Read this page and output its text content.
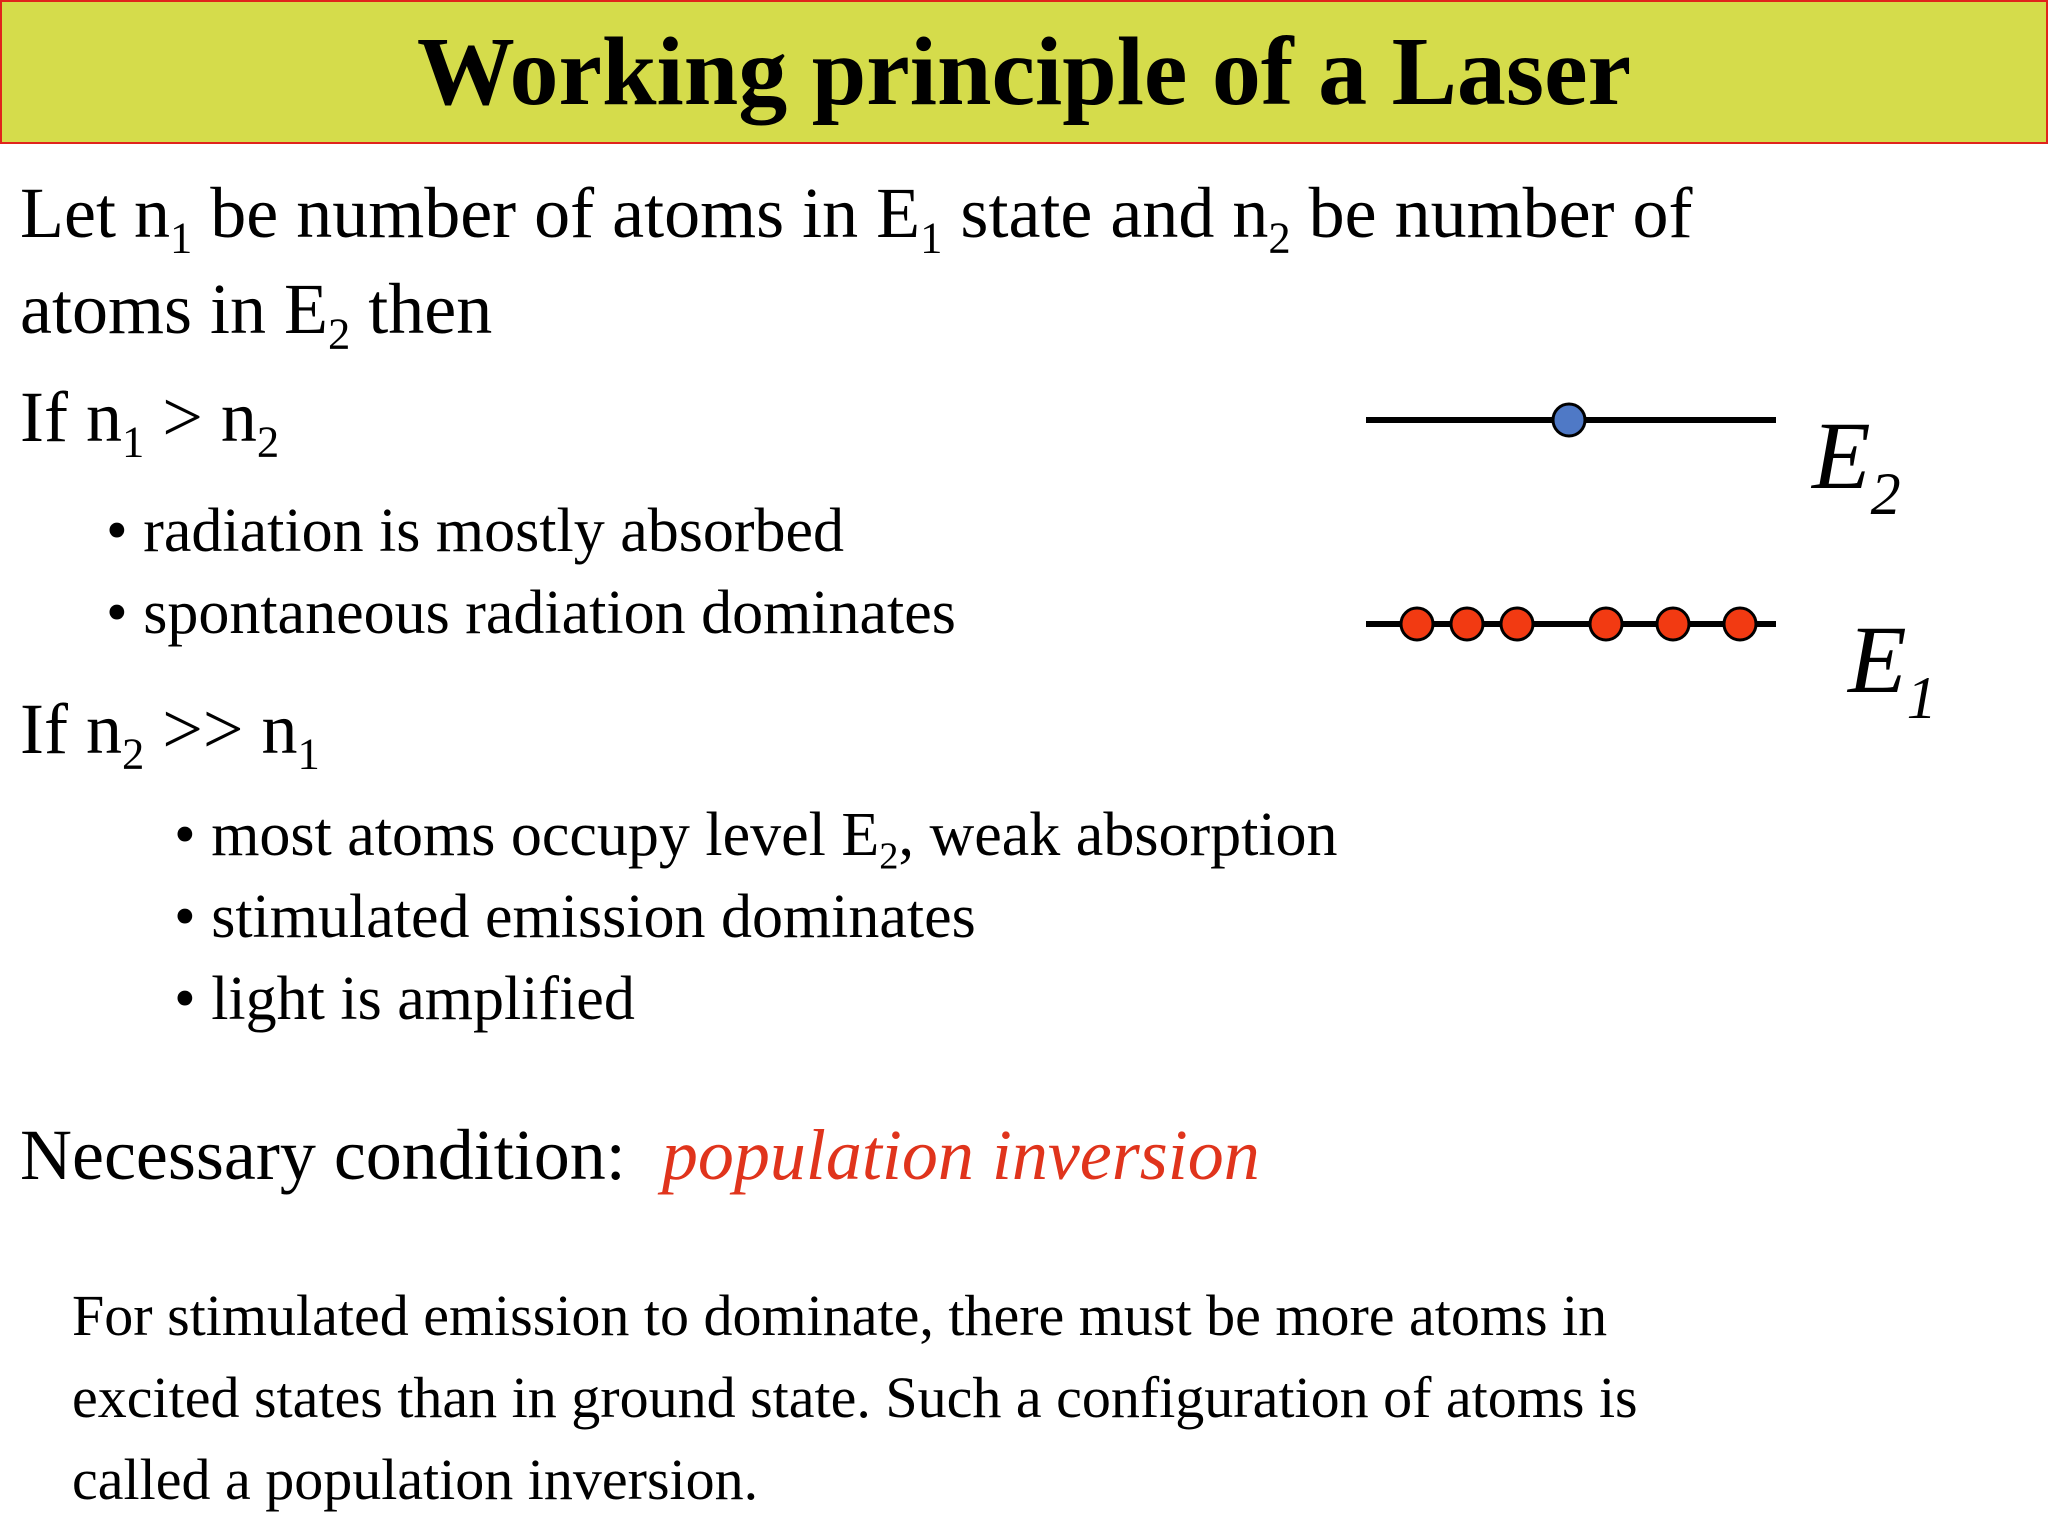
Working principle of a Laser
Let $n_1$ be number of atoms in $E_1$ state and $n_2$ be number of
atoms in $E_2$ then
If $n_1 > n_2$
• radiation is mostly absorbed
• spontaneous radiation dominates
If $n_2 >> n_1$
• most atoms occupy level $E_2$, weak absorption
• stimulated emission dominates
• light is amplified
Necessary condition: population inversion
For stimulated emission to dominate, there must be more atoms in
excited states than in ground state. Such a configuration of atoms is
called a population inversion.
$E_2$
$E_1$
